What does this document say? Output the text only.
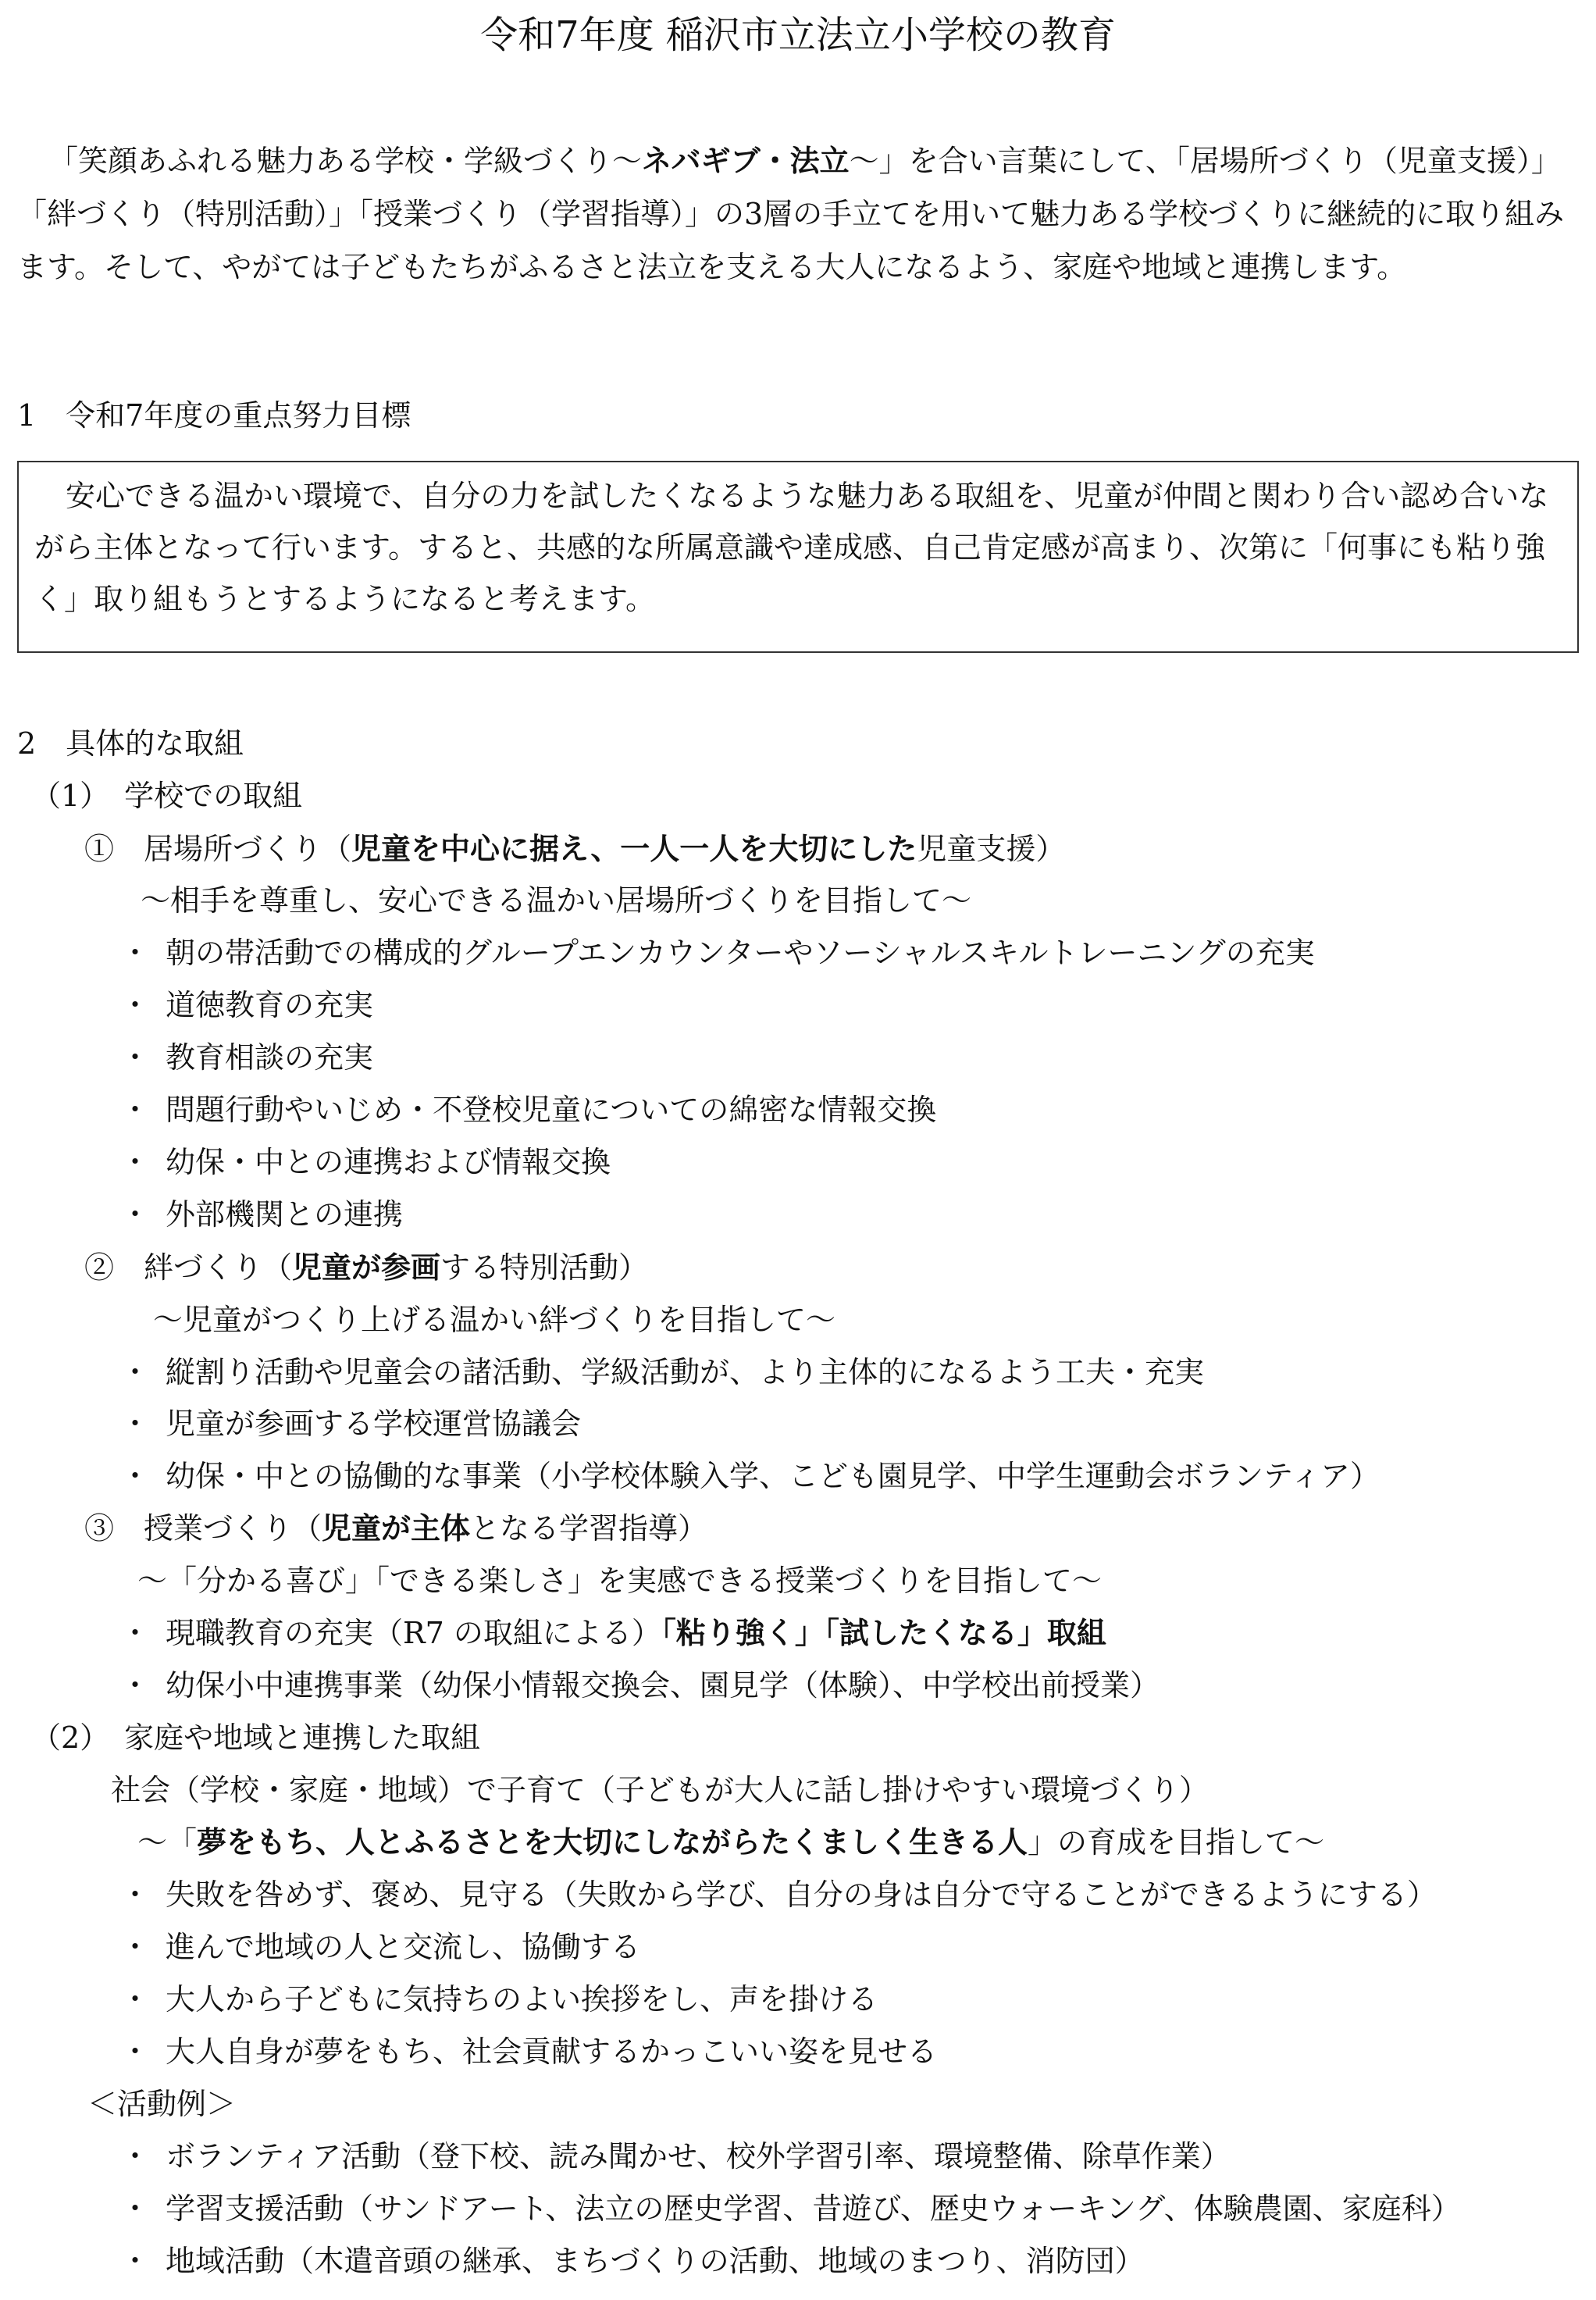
令和7年度 稲沢市立法立小学校の教育

「笑顔あふれる魅力ある学校・学級づくり～ネバギブ・法立～」を合い言葉にして、「居場所づくり（児童支援）」「絆づくり（特別活動）」「授業づくり（学習指導）」の3層の手立てを用いて魅力ある学校づくりに継続的に取り組みます。そして、やがては子どもたちがふるさと法立を支える大人になるよう、家庭や地域と連携します。

1　令和7年度の重点努力目標
安心できる温かい環境で、自分の力を試したくなるような魅力ある取組を、児童が仲間と関わり合い認め合いながら主体となって行います。すると、共感的な所属意識や達成感、自己肯定感が高まり、次第に「何事にも粘り強く」取り組もうとするようになると考えます。
2　具体的な取組
（1）　学校での取組
①　居場所づくり（児童を中心に据え、一人一人を大切にした児童支援）
～相手を尊重し、安心できる温かい居場所づくりを目指して～
・ 朝の帯活動での構成的グループエンカウンターやソーシャルスキルトレーニングの充実
・ 道徳教育の充実
・ 教育相談の充実
・ 問題行動やいじめ・不登校児童についての綿密な情報交換
・ 幼保・中との連携および情報交換
・ 外部機関との連携
②　絆づくり（児童が参画する特別活動）
～児童がつくり上げる温かい絆づくりを目指して～
・ 縦割り活動や児童会の諸活動、学級活動が、より主体的になるよう工夫・充実
・ 児童が参画する学校運営協議会
・ 幼保・中との協働的な事業（小学校体験入学、こども園見学、中学生運動会ボランティア）
③　授業づくり（児童が主体となる学習指導）
～「分かる喜び」「できる楽しさ」を実感できる授業づくりを目指して～
・ 現職教育の充実（R7 の取組による）「粘り強く」「試したくなる」取組
・ 幼保小中連携事業（幼保小情報交換会、園見学（体験）、中学校出前授業）
（2）　家庭や地域と連携した取組
社会（学校・家庭・地域）で子育て（子どもが大人に話し掛けやすい環境づくり）
～「夢をもち、人とふるさとを大切にしながらたくましく生きる人」の育成を目指して～
・ 失敗を咎めず、褒め、見守る（失敗から学び、自分の身は自分で守ることができるようにする）
・ 進んで地域の人と交流し、協働する
・ 大人から子どもに気持ちのよい挨拶をし、声を掛ける
・ 大人自身が夢をもち、社会貢献するかっこいい姿を見せる
＜活動例＞
・ ボランティア活動（登下校、読み聞かせ、校外学習引率、環境整備、除草作業）
・ 学習支援活動（サンドアート、法立の歴史学習、昔遊び、歴史ウォーキング、体験農園、家庭科）
・ 地域活動（木遣音頭の継承、まちづくりの活動、地域のまつり、消防団）
